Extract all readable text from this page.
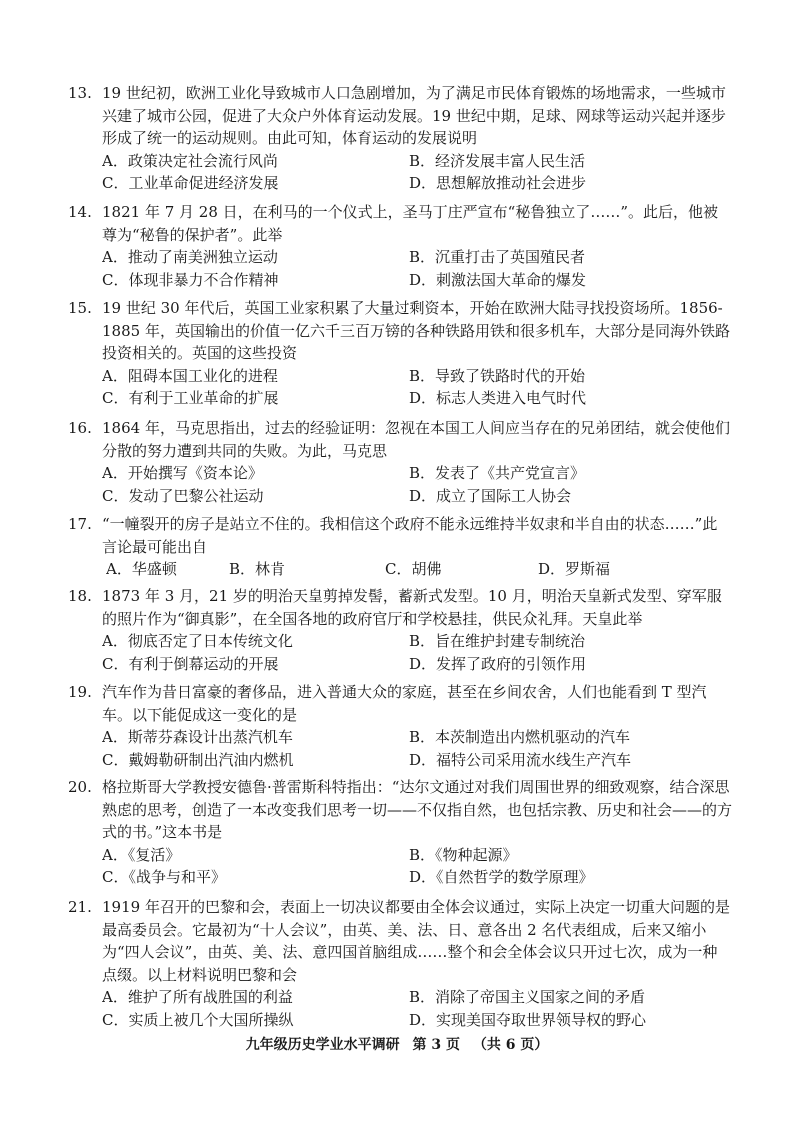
13. 19 世纪初，欧洲工业化导致城市人口急剧增加，为了满足市民体育锻炼的场地需求，一些城市兴建了城市公园，促进了大众户外体育运动发展。19 世纪中期，足球、网球等运动兴起并逐步形成了统一的运动规则。由此可知，体育运动的发展说明

A．政策决定社会流行风尚	B．经济发展丰富人民生活
C．工业革命促进经济发展	D．思想解放推动社会进步

14. 1821 年 7 月 28 日，在利马的一个仪式上，圣马丁庄严宣布“秘鲁独立了……”。此后，他被尊为“秘鲁的保护者”。此举

A．推动了南美洲独立运动	B．沉重打击了英国殖民者
C．体现非暴力不合作精神	D．刺激法国大革命的爆发

15. 19 世纪 30 年代后，英国工业家积累了大量过剩资本，开始在欧洲大陆寻找投资场所。1856-1885 年，英国输出的价值一亿六千三百万镑的各种铁路用铁和很多机车，大部分是同海外铁路投资相关的。英国的这些投资

A．阻碍本国工业化的进程	B．导致了铁路时代的开始
C．有利于工业革命的扩展	D．标志人类进入电气时代

16. 1864 年，马克思指出，过去的经验证明：忽视在本国工人间应当存在的兄弟团结，就会使他们分散的努力遭到共同的失败。为此，马克思

A．开始撰写《资本论》	B．发表了《共产党宣言》
C．发动了巴黎公社运动	D．成立了国际工人协会

17. “一幢裂开的房子是站立不住的。我相信这个政府不能永远维持半奴隶和半自由的状态……”此言论最可能出自

A．华盛顿	B．林肯	C．胡佛	D．罗斯福

18. 1873 年 3 月，21 岁的明治天皇剪掉发髻，蓄新式发型。10 月，明治天皇新式发型、穿军服的照片作为“御真影”，在全国各地的政府官厅和学校悬挂，供民众礼拜。天皇此举

A．彻底否定了日本传统文化	B．旨在维护封建专制统治
C．有利于倒幕运动的开展	D．发挥了政府的引领作用

19. 汽车作为昔日富豪的奢侈品，进入普通大众的家庭，甚至在乡间农舍，人们也能看到 T 型汽车。以下能促成这一变化的是

A．斯蒂芬森设计出蒸汽机车	B．本茨制造出内燃机驱动的汽车
C．戴姆勒研制出汽油内燃机	D．福特公司采用流水线生产汽车

20. 格拉斯哥大学教授安德鲁·普雷斯科特指出：“达尔文通过对我们周围世界的细致观察，结合深思熟虑的思考，创造了一本改变我们思考一切——不仅指自然，也包括宗教、历史和社会——的方式的书。”这本书是

A．《复活》	B．《物种起源》
C．《战争与和平》	D．《自然哲学的数学原理》

21. 1919 年召开的巴黎和会，表面上一切决议都要由全体会议通过，实际上决定一切重大问题的是最高委员会。它最初为“十人会议”，由英、美、法、日、意各出 2 名代表组成，后来又缩小为“四人会议”，由英、美、法、意四国首脑组成……整个和会全体会议只开过七次，成为一种点缀。以上材料说明巴黎和会

A．维护了所有战胜国的利益	B．消除了帝国主义国家之间的矛盾
C．实质上被几个大国所操纵	D．实现美国夺取世界领导权的野心
九年级历史学业水平调研 第 3 页 （共 6 页）
